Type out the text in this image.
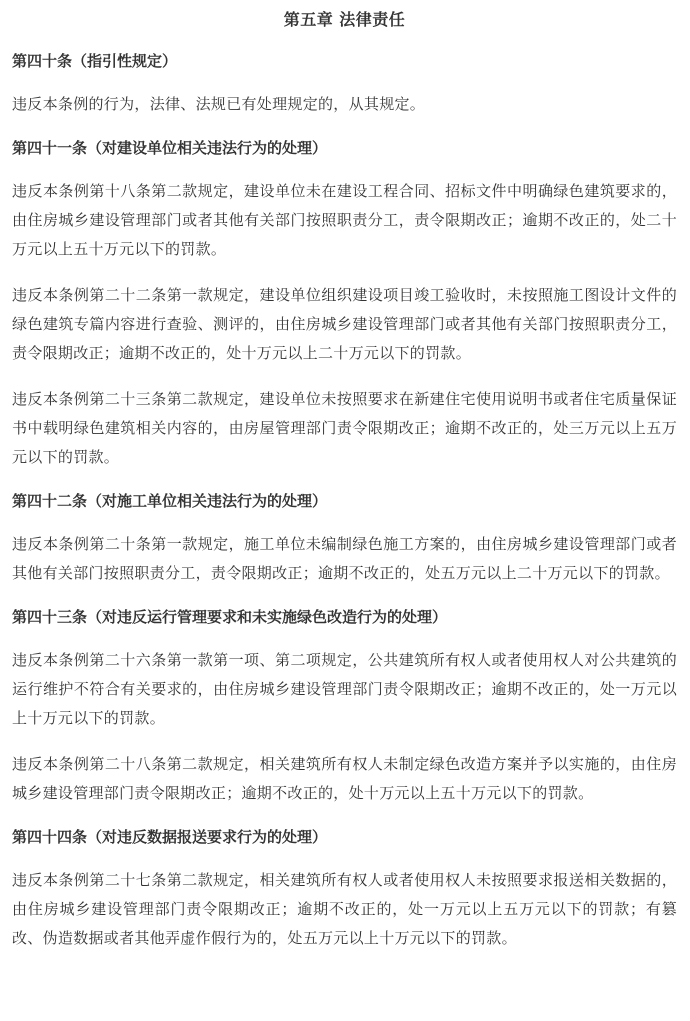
第五章 法律责任
第四十条（指引性规定）

违反本条例的行为，法律、法规已有处理规定的，从其规定。

第四十一条（对建设单位相关违法行为的处理）

违反本条例第十八条第二款规定，建设单位未在建设工程合同、招标文件中明确绿色建筑要求的，由住房城乡建设管理部门或者其他有关部门按照职责分工，责令限期改正；逾期不改正的，处二十万元以上五十万元以下的罚款。

违反本条例第二十二条第一款规定，建设单位组织建设项目竣工验收时，未按照施工图设计文件的绿色建筑专篇内容进行查验、测评的，由住房城乡建设管理部门或者其他有关部门按照职责分工，责令限期改正；逾期不改正的，处十万元以上二十万元以下的罚款。

违反本条例第二十三条第二款规定，建设单位未按照要求在新建住宅使用说明书或者住宅质量保证书中载明绿色建筑相关内容的，由房屋管理部门责令限期改正；逾期不改正的，处三万元以上五万元以下的罚款。

第四十二条（对施工单位相关违法行为的处理）

违反本条例第二十条第一款规定，施工单位未编制绿色施工方案的，由住房城乡建设管理部门或者其他有关部门按照职责分工，责令限期改正；逾期不改正的，处五万元以上二十万元以下的罚款。

第四十三条（对违反运行管理要求和未实施绿色改造行为的处理）

违反本条例第二十六条第一款第一项、第二项规定，公共建筑所有权人或者使用权人对公共建筑的运行维护不符合有关要求的，由住房城乡建设管理部门责令限期改正；逾期不改正的，处一万元以上十万元以下的罚款。

违反本条例第二十八条第二款规定，相关建筑所有权人未制定绿色改造方案并予以实施的，由住房城乡建设管理部门责令限期改正；逾期不改正的，处十万元以上五十万元以下的罚款。

第四十四条（对违反数据报送要求行为的处理）

违反本条例第二十七条第二款规定，相关建筑所有权人或者使用权人未按照要求报送相关数据的，由住房城乡建设管理部门责令限期改正；逾期不改正的，处一万元以上五万元以下的罚款；有篡改、伪造数据或者其他弄虚作假行为的，处五万元以上十万元以下的罚款。
